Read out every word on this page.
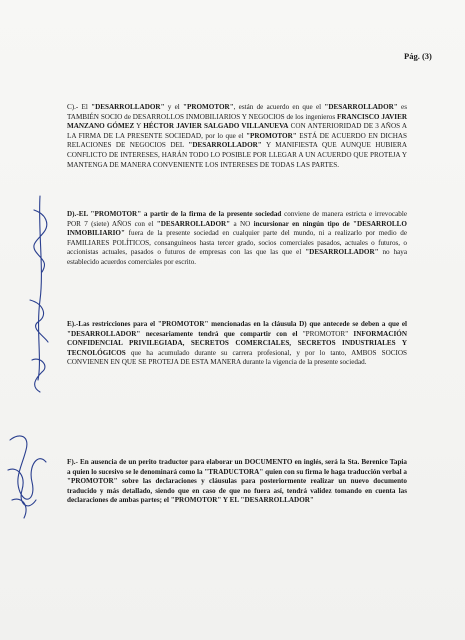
Pág. (3)
C).- El "DESARROLLADOR" y el "PROMOTOR", están de acuerdo en que el "DESARROLLADOR" es TAMBIÉN SOCIO de DESARROLLOS INMOBILIARIOS Y NEGOCIOS de los ingenieros FRANCISCO JAVIER MANZANO GÓMEZ Y HÉCTOR JAVIER SALGADO VILLANUEVA CON ANTERIORIDAD DE 3 AÑOS A LA FIRMA DE LA PRESENTE SOCIEDAD, por lo que el "PROMOTOR" ESTÁ DE ACUERDO EN DICHAS RELACIONES DE NEGOCIOS DEL "DESARROLLADOR" Y MANIFIESTA QUE AUNQUE HUBIERA CONFLICTO DE INTERESES, HARÁN TODO LO POSIBLE POR LLEGAR A UN ACUERDO QUE PROTEJA Y MANTENGA DE MANERA CONVENIENTE LOS INTERESES DE TODAS LAS PARTES.
D).-EL "PROMOTOR" a partir de la firma de la presente sociedad conviene de manera estricta e irrevocable POR 7 (siete) AÑOS con el "DESARROLLADOR" a NO incursionar en ningún tipo de "DESARROLLO INMOBILIARIO" fuera de la presente sociedad en cualquier parte del mundo, ni a realizarlo por medio de FAMILIARES POLÍTICOS, consanguíneos hasta tercer grado, socios comerciales pasados, actuales o futuros, o accionistas actuales, pasados o futuros de empresas con las que las que el "DESARROLLADOR" no haya establecido acuerdos comerciales por escrito.
E).-Las restricciones para el "PROMOTOR" mencionadas en la cláusula D) que antecede se deben a que el "DESARROLLADOR" necesariamente tendrá que compartir con el "PROMOTOR" INFORMACIÓN CONFIDENCIAL PRIVILEGIADA, SECRETOS COMERCIALES, SECRETOS INDUSTRIALES Y TECNOLÓGICOS que ha acumulado durante su carrera profesional, y por lo tanto, AMBOS SOCIOS CONVIENEN EN QUE SE PROTEJA DE ESTA MANERA durante la vigencia de la presente sociedad.
F).- En ausencia de un perito traductor para elaborar un DOCUMENTO en inglés, será la Sta. Berenice Tapia a quien lo sucesivo se le denominará como la "TRADUCTORA" quien con su firma le haga traducción verbal a "PROMOTOR" sobre las declaraciones y cláusulas para posteriormente realizar un nuevo documento traducido y más detallado, siendo que en caso de que no fuera así, tendrá validez tomando en cuenta las declaraciones de ambas partes; el "PROMOTOR" Y EL "DESARROLLADOR"
